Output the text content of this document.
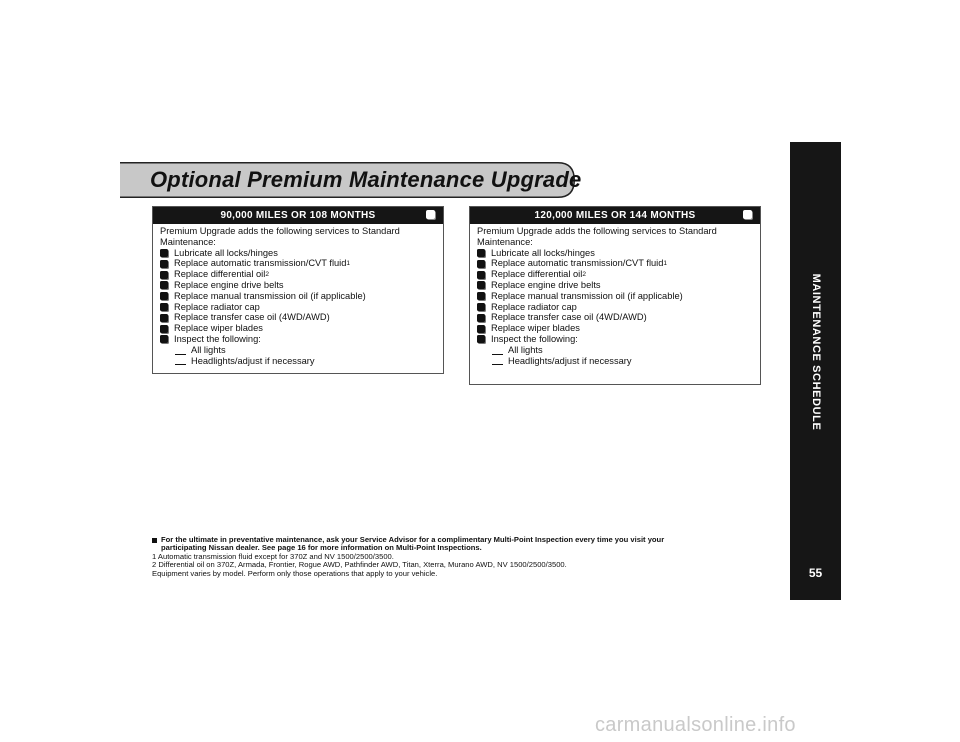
Optional Premium Maintenance Upgrade
90,000 MILES OR 108 MONTHS
Premium Upgrade adds the following services to Standard
Maintenance:
Lubricate all locks/hinges
Replace automatic transmission/CVT fluid 1
Replace differential oil 2
Replace engine drive belts
Replace manual transmission oil (if applicable)
Replace radiator cap
Replace transfer case oil (4WD/AWD)
Replace wiper blades
Inspect the following:
All lights
Headlights/adjust if necessary
120,000 MILES OR 144 MONTHS
Premium Upgrade adds the following services to Standard
Maintenance:
Lubricate all locks/hinges
Replace automatic transmission/CVT fluid 1
Replace differential oil 2
Replace engine drive belts
Replace manual transmission oil (if applicable)
Replace radiator cap
Replace transfer case oil (4WD/AWD)
Replace wiper blades
Inspect the following:
All lights
Headlights/adjust if necessary
For the ultimate in preventative maintenance, ask your Service Advisor for a complimentary Multi-Point Inspection every time you visit your
participating Nissan dealer. See page 16 for more information on Multi-Point Inspections.
1 Automatic transmission fluid except for 370Z and NV 1500/2500/3500.
2 Differential oil on 370Z, Armada, Frontier, Rogue AWD, Pathfinder AWD, Titan, Xterra, Murano AWD, NV 1500/2500/3500.
Equipment varies by model. Perform only those operations that apply to your vehicle.
MAINTENANCE SCHEDULE
55
carmanualsonline.info
